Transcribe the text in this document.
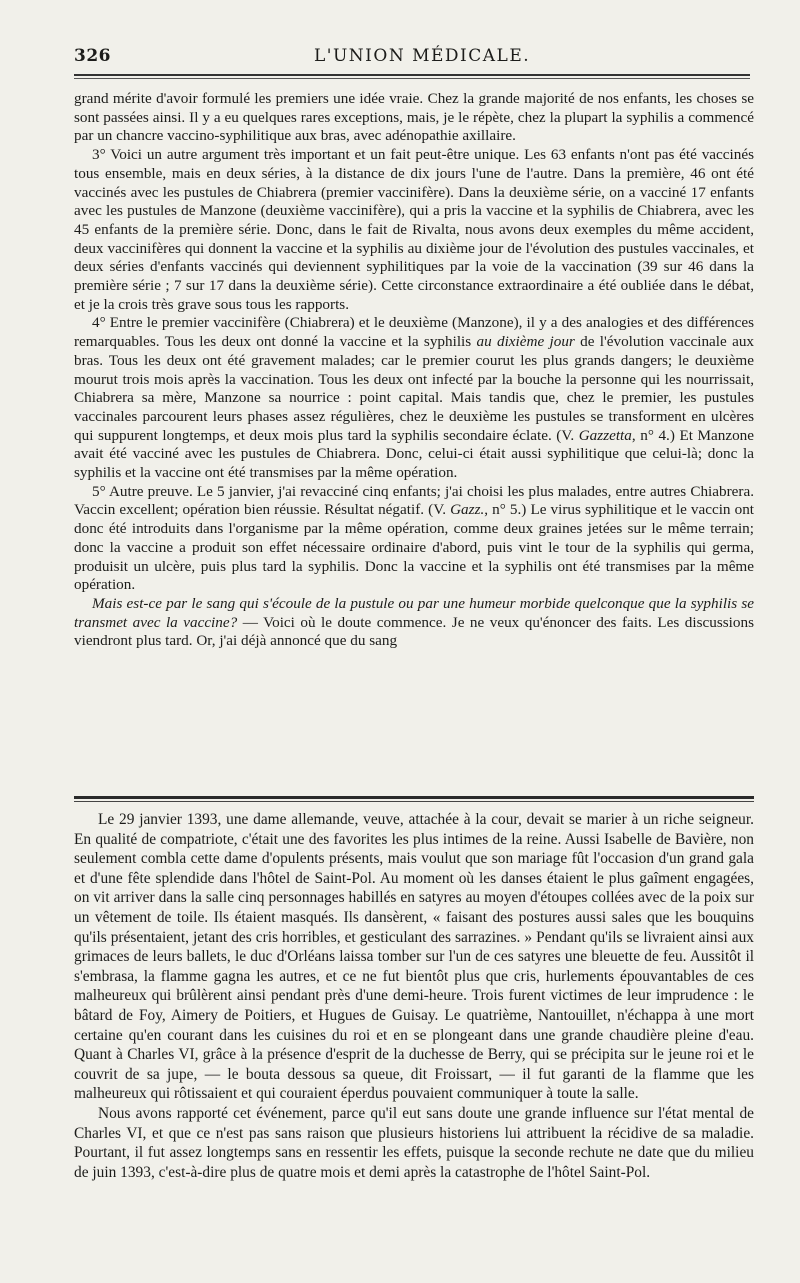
326	L'UNION MÉDICALE.

grand mérite d'avoir formulé les premiers une idée vraie. Chez la grande majorité de nos enfants, les choses se sont passées ainsi. Il y a eu quelques rares exceptions, mais, je le répète, chez la plupart la syphilis a commencé par un chancre vaccino-syphilitique aux bras, avec adénopathie axillaire.

3° Voici un autre argument très important et un fait peut-être unique. Les 63 enfants n'ont pas été vaccinés tous ensemble, mais en deux séries, à la distance de dix jours l'une de l'autre. Dans la première, 46 ont été vaccinés avec les pustules de Chiabrera (premier vaccinifère). Dans la deuxième série, on a vacciné 17 enfants avec les pustules de Manzone (deuxième vaccinifère), qui a pris la vaccine et la syphilis de Chiabrera, avec les 45 enfants de la première série. Donc, dans le fait de Rivalta, nous avons deux exemples du même accident, deux vaccinifères qui donnent la vaccine et la syphilis au dixième jour de l'évolution des pustules vaccinales, et deux séries d'enfants vaccinés qui deviennent syphilitiques par la voie de la vaccination (39 sur 46 dans la première série ; 7 sur 17 dans la deuxième série). Cette circonstance extraordinaire a été oubliée dans le débat, et je la crois très grave sous tous les rapports.

4° Entre le premier vaccinifère (Chiabrera) et le deuxième (Manzone), il y a des analogies et des différences remarquables. Tous les deux ont donné la vaccine et la syphilis au dixième jour de l'évolution vaccinale aux bras. Tous les deux ont été gravement malades; car le premier courut les plus grands dangers; le deuxième mourut trois mois après la vaccination. Tous les deux ont infecté par la bouche la personne qui les nourrissait, Chiabrera sa mère, Manzone sa nourrice : point capital. Mais tandis que, chez le premier, les pustules vaccinales parcourent leurs phases assez régulières, chez le deuxième les pustules se transforment en ulcères qui suppurent longtemps, et deux mois plus tard la syphilis secondaire éclate. (V. Gazzetta, n° 4.) Et Manzone avait été vacciné avec les pustules de Chiabrera. Donc, celui-ci était aussi syphilitique que celui-là; donc la syphilis et la vaccine ont été transmises par la même opération.

5° Autre preuve. Le 5 janvier, j'ai revacciné cinq enfants; j'ai choisi les plus malades, entre autres Chiabrera. Vaccin excellent; opération bien réussie. Résultat négatif. (V. Gazz., n° 5.) Le virus syphilitique et le vaccin ont donc été introduits dans l'organisme par la même opération, comme deux graines jetées sur le même terrain; donc la vaccine a produit son effet nécessaire ordinaire d'abord, puis vint le tour de la syphilis qui germa, produisit un ulcère, puis plus tard la syphilis. Donc la vaccine et la syphilis ont été transmises par la même opération.

Mais est-ce par le sang qui s'écoule de la pustule ou par une humeur morbide quelconque que la syphilis se transmet avec la vaccine? — Voici où le doute commence. Je ne veux qu'énoncer des faits. Les discussions viendront plus tard. Or, j'ai déjà annoncé que du sang

Le 29 janvier 1393, une dame allemande, veuve, attachée à la cour, devait se marier à un riche seigneur. En qualité de compatriote, c'était une des favorites les plus intimes de la reine. Aussi Isabelle de Bavière, non seulement combla cette dame d'opulents présents, mais voulut que son mariage fût l'occasion d'un grand gala et d'une fête splendide dans l'hôtel de Saint-Pol. Au moment où les danses étaient le plus gaîment engagées, on vit arriver dans la salle cinq personnages habillés en satyres au moyen d'étoupes collées avec de la poix sur un vêtement de toile. Ils étaient masqués. Ils dansèrent, « faisant des postures aussi sales que les bouquins qu'ils présentaient, jetant des cris horribles, et gesticulant des sarrazines. » Pendant qu'ils se livraient ainsi aux grimaces de leurs ballets, le duc d'Orléans laissa tomber sur l'un de ces satyres une bleuette de feu. Aussitôt il s'embrasa, la flamme gagna les autres, et ce ne fut bientôt plus que cris, hurlements épouvantables de ces malheureux qui brûlèrent ainsi pendant près d'une demi-heure. Trois furent victimes de leur imprudence : le bâtard de Foy, Aimery de Poitiers, et Hugues de Guisay. Le quatrième, Nantouillet, n'échappa à une mort certaine qu'en courant dans les cuisines du roi et en se plongeant dans une grande chaudière pleine d'eau. Quant à Charles VI, grâce à la présence d'esprit de la duchesse de Berry, qui se précipita sur le jeune roi et le couvrit de sa jupe, — le bouta dessous sa queue, dit Froissart, — il fut garanti de la flamme que les malheureux qui rôtissaient et qui couraient éperdus pouvaient communiquer à toute la salle.

Nous avons rapporté cet événement, parce qu'il eut sans doute une grande influence sur l'état mental de Charles VI, et que ce n'est pas sans raison que plusieurs historiens lui attribuent la récidive de sa maladie. Pourtant, il fut assez longtemps sans en ressentir les effets, puisque la seconde rechute ne date que du milieu de juin 1393, c'est-à-dire plus de quatre mois et demi après la catastrophe de l'hôtel Saint-Pol.
